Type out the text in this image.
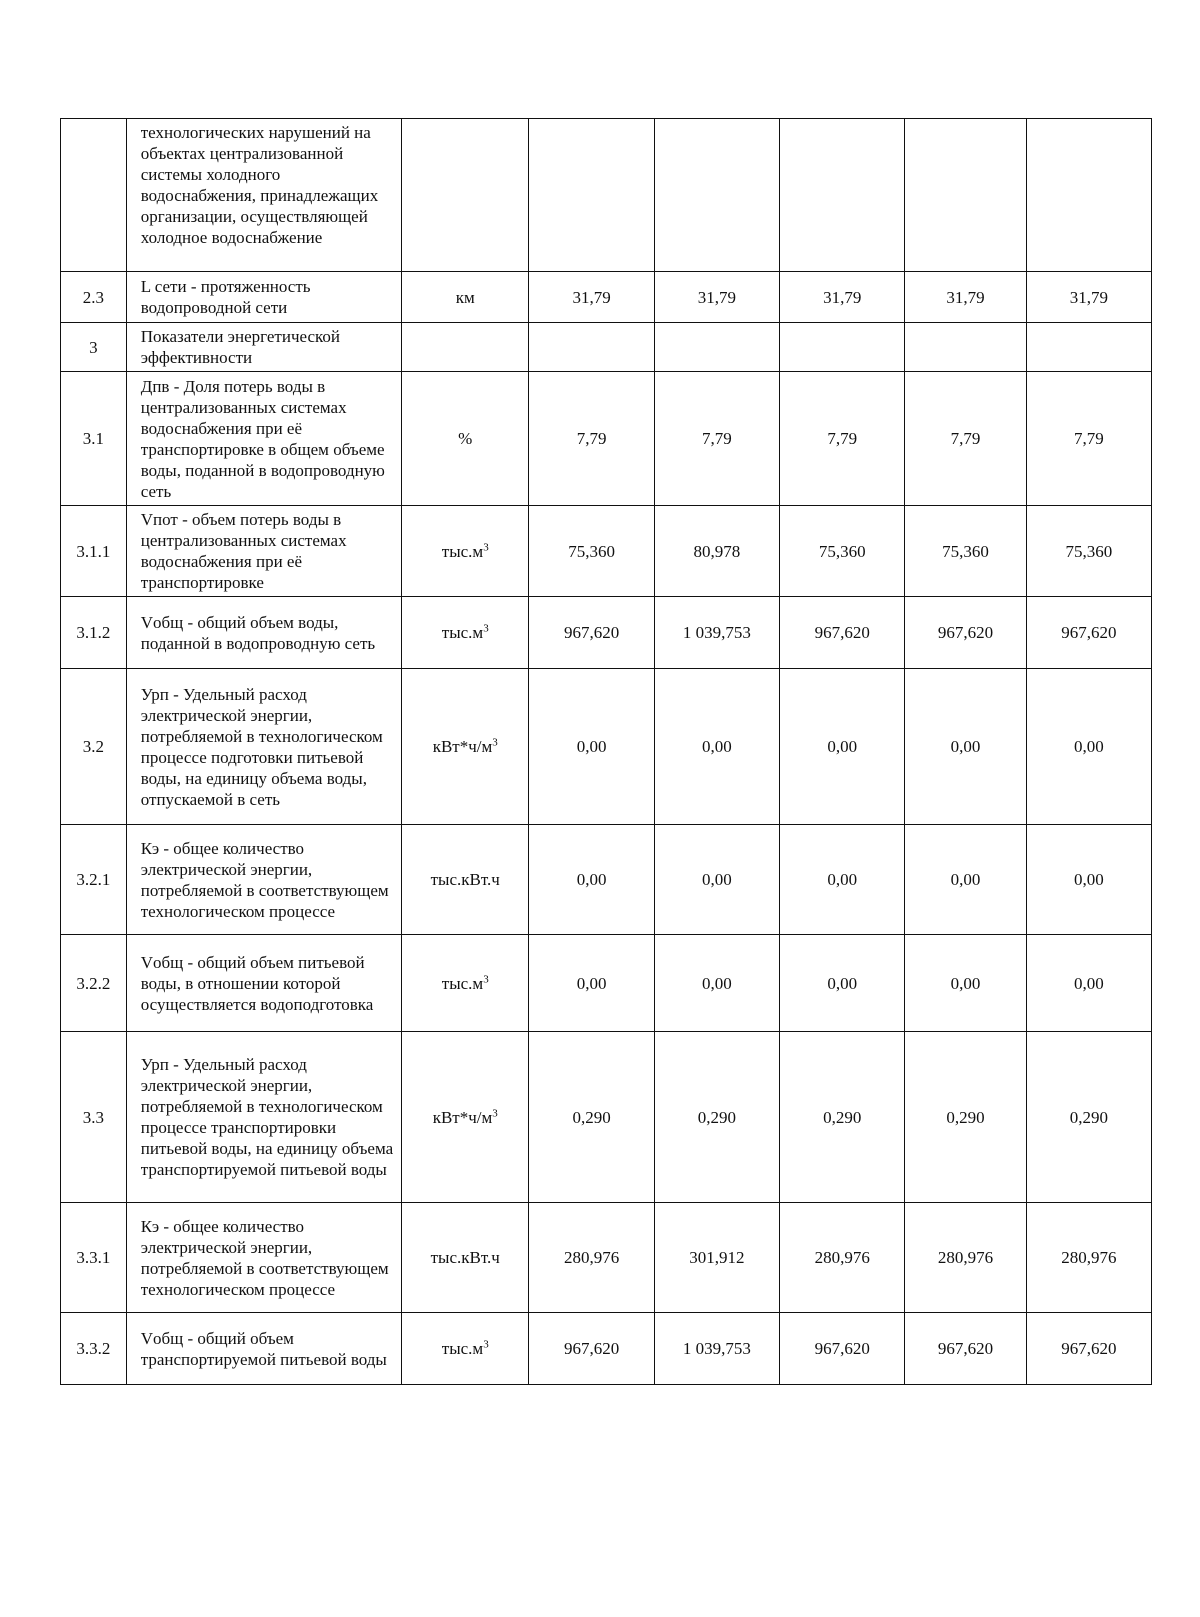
	технологических нарушений на объектах централизованной системы холодного водоснабжения, принадлежащих организации, осуществляющей холодное водоснабжение						
2.3	L сети - протяженность водопроводной сети	км	31,79	31,79	31,79	31,79	31,79
3	Показатели энергетической эффективности						
3.1	Дпв - Доля потерь воды в централизованных системах водоснабжения при её транспортировке в общем объеме воды, поданной в водопроводную сеть	%	7,79	7,79	7,79	7,79	7,79
3.1.1	Vпот - объем потерь воды в централизованных системах водоснабжения при её транспортировке	$тыс.м^3$	75,360	80,978	75,360	75,360	75,360
3.1.2	Vобщ - общий объем воды, поданной в водопроводную сеть	$тыс.м^3$	967,620	1 039,753	967,620	967,620	967,620
3.2	Урп - Удельный расход электрической энергии, потребляемой в технологическом процессе подготовки питьевой воды, на единицу объема воды, отпускаемой в сеть	$кВт*ч/м^3$	0,00	0,00	0,00	0,00	0,00
3.2.1	Кэ - общее количество электрической энергии, потребляемой в соответствующем технологическом процессе	тыс.кВт.ч	0,00	0,00	0,00	0,00	0,00
3.2.2	Vобщ - общий объем питьевой воды, в отношении которой осуществляется водоподготовка	$тыс.м^3$	0,00	0,00	0,00	0,00	0,00
3.3	Урп - Удельный расход электрической энергии, потребляемой в технологическом процессе транспортировки питьевой воды, на единицу объема транспортируемой питьевой воды	$кВт*ч/м^3$	0,290	0,290	0,290	0,290	0,290
3.3.1	Кэ - общее количество электрической энергии, потребляемой в соответствующем технологическом процессе	тыс.кВт.ч	280,976	301,912	280,976	280,976	280,976
3.3.2	Vобщ - общий объем транспортируемой питьевой воды	$тыс.м^3$	967,620	1 039,753	967,620	967,620	967,620
